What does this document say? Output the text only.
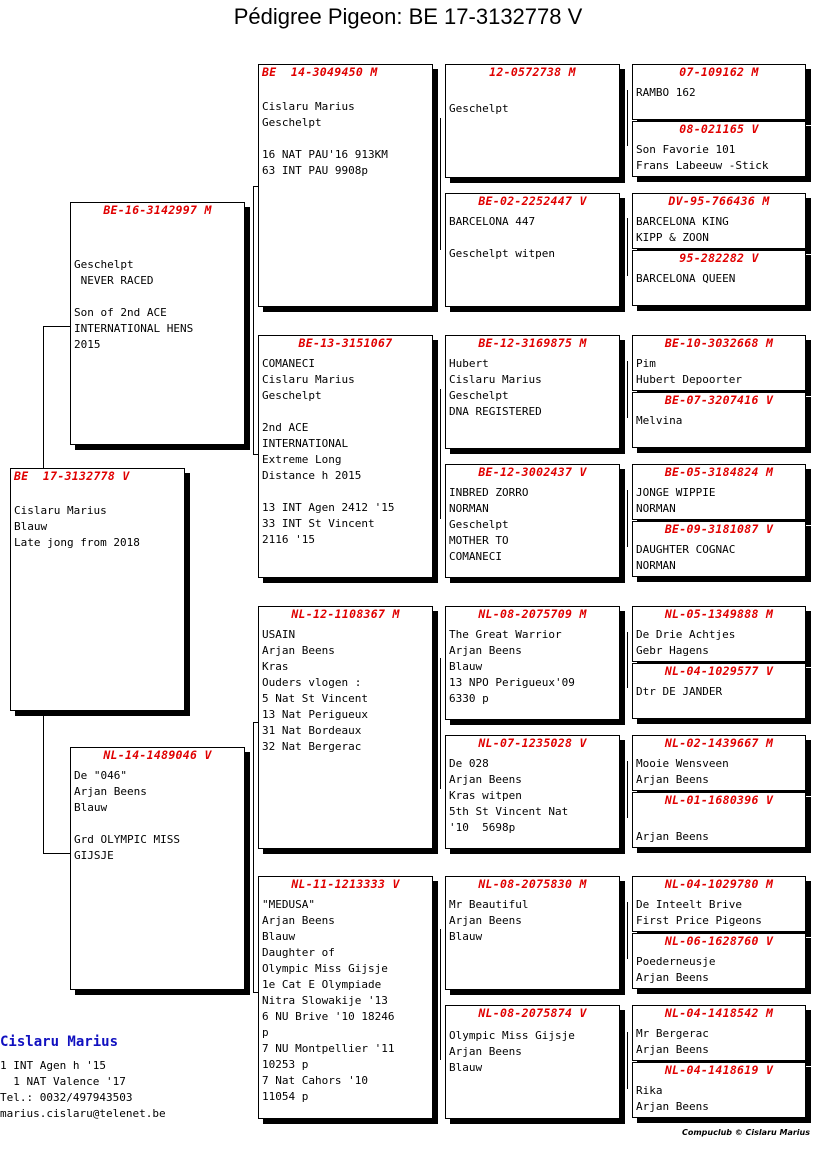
Pédigree Pigeon: BE 17-3132778 V
BE  17-3132778 V
Cislaru Marius
Blauw
Late jong from 2018
BE-16-3142997 M
Geschelpt
NEVER RACED

Son of 2nd ACE
INTERNATIONAL HENS
2015
NL-14-1489046 V
De "046"
Arjan Beens
Blauw

Grd OLYMPIC MISS
GIJSJE
BE  14-3049450 M
Cislaru Marius
Geschelpt

16 NAT PAU'16 913KM
63 INT PAU 9908p
BE-13-3151067
COMANECI
Cislaru Marius
Geschelpt

2nd ACE
INTERNATIONAL
Extreme Long
Distance h 2015

13 INT Agen 2412 '15
33 INT St Vincent
2116 '15
NL-12-1108367 M
USAIN
Arjan Beens
Kras
Ouders vlogen :
5 Nat St Vincent
13 Nat Perigueux
31 Nat Bordeaux
32 Nat Bergerac
NL-11-1213333 V
"MEDUSA"
Arjan Beens
Blauw
Daughter of
Olympic Miss Gijsje
1e Cat E Olympiade
Nitra Slowakije '13
6 NU Brive '10 18246
p
7 NU Montpellier '11
10253 p
7 Nat Cahors '10
11054 p
12-0572738 M

Geschelpt
BE-02-2252447 V
BARCELONA 447

Geschelpt witpen
BE-12-3169875 M
Hubert
Cislaru Marius
Geschelpt
DNA REGISTERED
BE-12-3002437 V
INBRED ZORRO
NORMAN
Geschelpt
MOTHER TO
COMANECI
NL-08-2075709 M
The Great Warrior
Arjan Beens
Blauw
13 NPO Perigueux'09
6330 p
NL-07-1235028 V
De 028
Arjan Beens
Kras witpen
5th St Vincent Nat
'10  5698p
NL-08-2075830 M
Mr Beautiful
Arjan Beens
Blauw
NL-08-2075874 V
Olympic Miss Gijsje
Arjan Beens
Blauw
07-109162 M
RAMBO 162
08-021165 V
Son Favorie 101
Frans Labeeuw -Stick
DV-95-766436 M
BARCELONA KING
KIPP & ZOON
95-282282 V
BARCELONA QUEEN
BE-10-3032668 M
Pim
Hubert Depoorter
BE-07-3207416 V
Melvina
BE-05-3184824 M
JONGE WIPPIE
NORMAN
BE-09-3181087 V
DAUGHTER COGNAC
NORMAN
NL-05-1349888 M
De Drie Achtjes
Gebr Hagens
NL-04-1029577 V
Dtr DE JANDER
NL-02-1439667 M
Mooie Wensveen
Arjan Beens
NL-01-1680396 V

Arjan Beens
NL-04-1029780 M
De Inteelt Brive
First Price Pigeons
NL-06-1628760 V
Poederneusje
Arjan Beens
NL-04-1418542 M
Mr Bergerac
Arjan Beens
NL-04-1418619 V
Rika
Arjan Beens
Cislaru Marius
1 INT Agen h '15
1 NAT Valence '17
Tel.: 0032/497943503
marius.cislaru@telenet.be
Compuclub © Cislaru Marius
